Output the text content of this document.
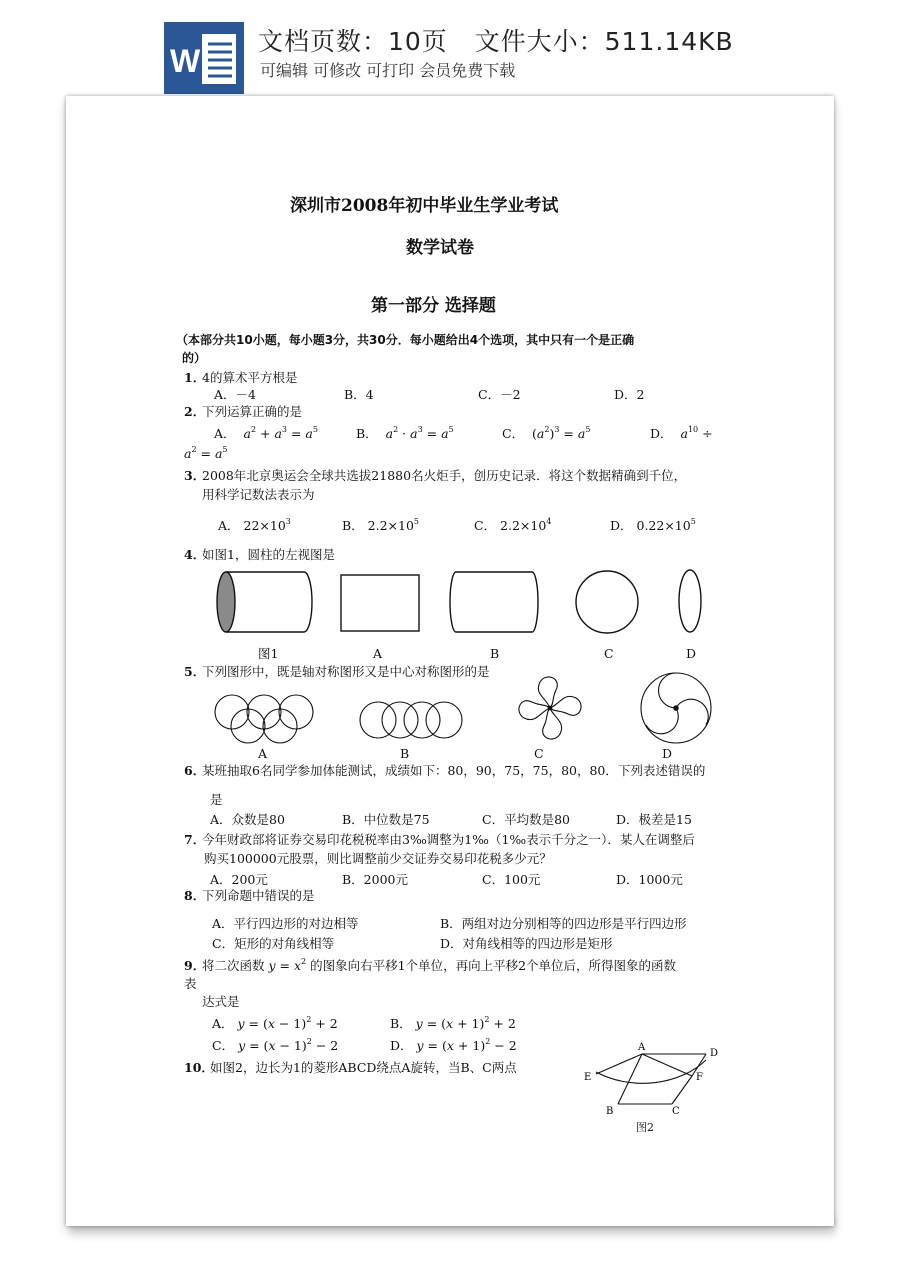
W
文档页数：10页   文件大小：511.14KB
可编辑 可修改 可打印 会员免费下载
深圳市2008年初中毕业生学业考试
数学试卷
第一部分 选择题
（本部分共10小题，每小题3分，共30分．每小题给出4个选项，其中只有一个是正确
的）
1．
4的算术平方根是
A．－4	B．4	C．－2	D．2
2．
下列运算正确的是
A． $a^2 + a^3 = a^5$	B． $a^2 \cdot a^3 = a^5$	C．  $(a^2)^3 = a^5$	D． $a^{10}$ ÷
$a^2 = a^5$
3．
2008年北京奥运会全球共选拔21880名火炬手，创历史记录．将这个数据精确到千位，
用科学记数法表示为
A． $22\times 10^3$	B． $2.2\times 10^5$	C． $2.2\times 10^4$	D． $0.22\times 10^5$
4．
如图1，圆柱的左视图是
图1	A	B	C	D
5．
下列图形中，既是轴对称图形又是中心对称图形的是
A	B	C	D
6．
某班抽取6名同学参加体能测试，成绩如下：80，90，75，75，80，80．下列表述错误的
是
A．众数是80	B．中位数是75	C．平均数是80	D．极差是15
7．
今年财政部将证券交易印花税税率由3‰调整为1‰（1‰表示千分之一）．某人在调整后
购买100000元股票，则比调整前少交证券交易印花税多少元？
A．200元	B．2000元	C．100元	D．1000元
8．
下列命题中错误的是
A．平行四边形的对边相等	B．两组对边分别相等的四边形是平行四边形
C．矩形的对角线相等	D．对角线相等的四边形是矩形
9．
将二次函数 $y = x^2$ 的图象向右平移1个单位，再向上平移2个单位后，所得图象的函数
表
达式是
A． $y = (x - 1)^2 + 2$	B． $y = (x + 1)^2 + 2$
C． $y = (x - 1)^2 - 2$	D． $y = (x + 1)^2 - 2$
10．
如图2，边长为1的菱形ABCD绕点A旋转，当B、C两点
A
B	C
D
E	F
图2
